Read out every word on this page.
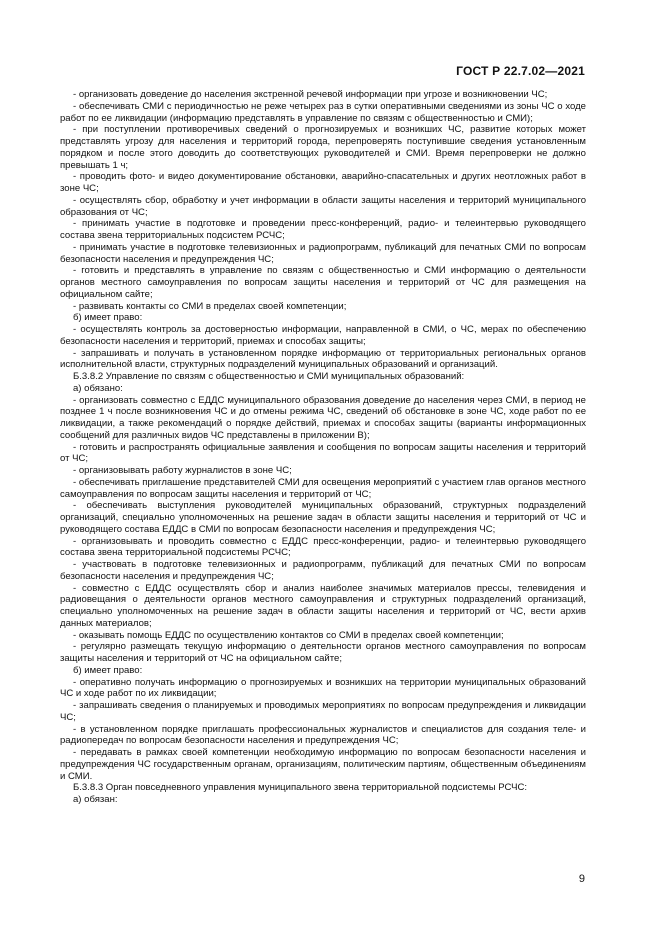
ГОСТ Р 22.7.02—2021

- организовать доведение до населения экстренной речевой информации при угрозе и возникновении ЧС;

- обеспечивать СМИ с периодичностью не реже четырех раз в сутки оперативными сведениями из зоны ЧС о ходе работ по ее ликвидации (информацию представлять в управление по связям с общественностью и СМИ);

- при поступлении противоречивых сведений о прогнозируемых и возникших ЧС, развитие которых может представлять угрозу для населения и территорий города, перепроверять поступившие сведения установленным порядком и после этого доводить до соответствующих руководителей и СМИ. Время перепроверки не должно превышать 1 ч;

- проводить фото- и видео документирование обстановки, аварийно-спасательных и других неотложных работ в зоне ЧС;

- осуществлять сбор, обработку и учет информации в области защиты населения и территорий муниципального образования от ЧС;

- принимать участие в подготовке и проведении пресс-конференций, радио- и телеинтервью руководящего состава звена территориальных подсистем РСЧС;

- принимать участие в подготовке телевизионных и радиопрограмм, публикаций для печатных СМИ по вопросам безопасности населения и предупреждения ЧС;

- готовить и представлять в управление по связям с общественностью и СМИ информацию о деятельности органов местного самоуправления по вопросам защиты населения и территорий от ЧС для размещения на официальном сайте;

- развивать контакты со СМИ в пределах своей компетенции;

б) имеет право:

- осуществлять контроль за достоверностью информации, направленной в СМИ, о ЧС, мерах по обеспечению безопасности населения и территорий, приемах и способах защиты;

- запрашивать и получать в установленном порядке информацию от территориальных региональных органов исполнительной власти, структурных подразделений муниципальных образований и организаций.

Б.3.8.2 Управление по связям с общественностью и СМИ муниципальных образований:

а) обязано:

- организовать совместно с ЕДДС муниципального образования доведение до населения через СМИ, в период не позднее 1 ч после возникновения ЧС и до отмены режима ЧС, сведений об обстановке в зоне ЧС, ходе работ по ее ликвидации, а также рекомендаций о порядке действий, приемах и способах защиты (варианты информационных сообщений для различных видов ЧС представлены в приложении В);

- готовить и распространять официальные заявления и сообщения по вопросам защиты населения и территорий от ЧС;

- организовывать работу журналистов в зоне ЧС;

- обеспечивать приглашение представителей СМИ для освещения мероприятий с участием глав органов местного самоуправления по вопросам защиты населения и территорий от ЧС;

- обеспечивать выступления руководителей муниципальных образований, структурных подразделений организаций, специально уполномоченных на решение задач в области защиты населения и территорий от ЧС и руководящего состава ЕДДС в СМИ по вопросам безопасности населения и предупреждения ЧС;

- организовывать и проводить совместно с ЕДДС пресс-конференции, радио- и телеинтервью руководящего состава звена территориальной подсистемы РСЧС;

- участвовать в подготовке телевизионных и радиопрограмм, публикаций для печатных СМИ по вопросам безопасности населения и предупреждения ЧС;

- совместно с ЕДДС осуществлять сбор и анализ наиболее значимых материалов прессы, телевидения и радиовещания о деятельности органов местного самоуправления и структурных подразделений организаций, специально уполномоченных на решение задач в области защиты населения и территорий от ЧС, вести архив данных материалов;

- оказывать помощь ЕДДС по осуществлению контактов со СМИ в пределах своей компетенции;

- регулярно размещать текущую информацию о деятельности органов местного самоуправления по вопросам защиты населения и территорий от ЧС на официальном сайте;

б) имеет право:

- оперативно получать информацию о прогнозируемых и возникших на территории муниципальных образований ЧС и ходе работ по их ликвидации;

- запрашивать сведения о планируемых и проводимых мероприятиях по вопросам предупреждения и ликвидации ЧС;

- в установленном порядке приглашать профессиональных журналистов и специалистов для создания теле- и радиопередач по вопросам безопасности населения и предупреждения ЧС;

- передавать в рамках своей компетенции необходимую информацию по вопросам безопасности населения и предупреждения ЧС государственным органам, организациям, политическим партиям, общественным объединениям и СМИ.

Б.3.8.3 Орган повседневного управления муниципального звена территориальной подсистемы РСЧС:

а) обязан:

9
